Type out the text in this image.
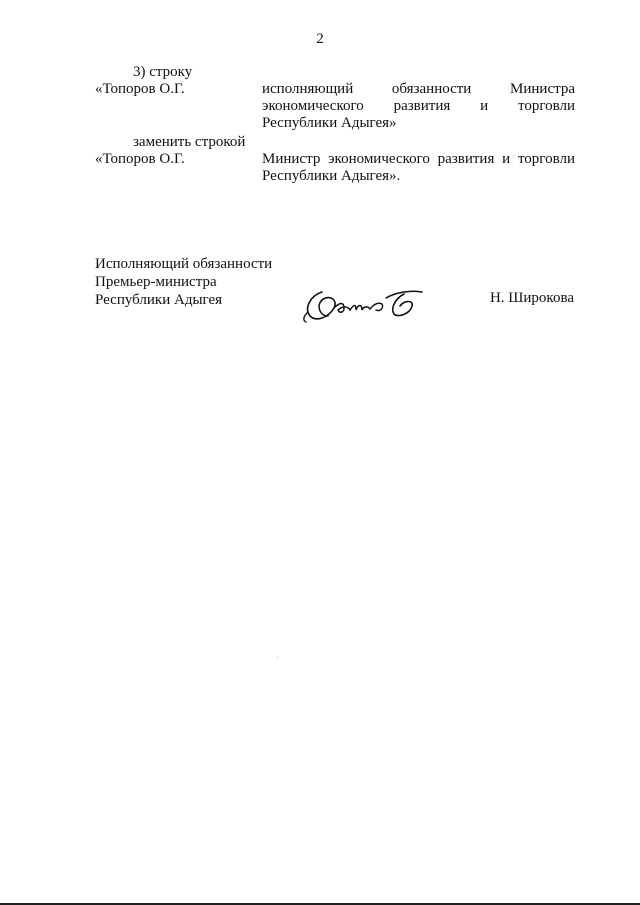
2
3) строку
«Топоров О.Г.	исполняющий обязанности Министра
экономического развития и торговли
Республики Адыгея»
заменить строкой
«Топоров О.Г.	Министр экономического развития и торговли
Республики Адыгея».
Исполняющий обязанности
Премьер-министра
Республики Адыгея	Н. Широкова
